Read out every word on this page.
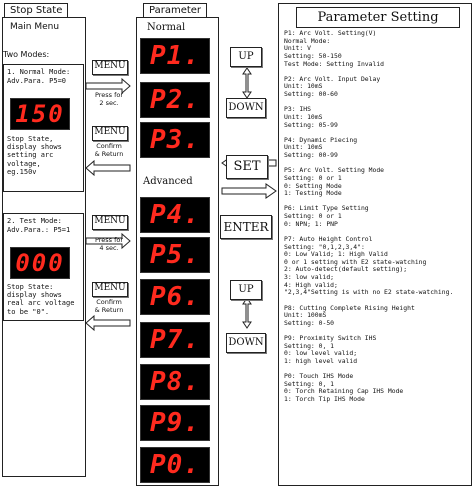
Stop State
Main Menu
Two Modes:
1. Normal Mode:
Adv.Para. P5=0
150
Stop State,
display shows
setting arc
voltage,
eg.150v
2. Test Mode:
Adv.Para.: P5=1
000
Stop State:
display shows
real arc voltage
to be "0".
MENU
Press for
2 sec.
MENU
Confirm
& Return
MENU
Press for
4 sec.
MENU
Confirm
& Return
Parameter
Normal
Advanced
P1.
P2.
P3.
P4.
P5.
P6.
P7.
P8.
P9.
P0.
UP
DOWN
SET
ENTER
UP
DOWN
Parameter Setting
P1: Arc Volt. Setting(V)
Normal Mode:
Unit: V
Setting: 50-150
Test Mode: Setting Invalid

P2: Arc Volt. Input Delay
Unit: 10mS
Setting: 00-60

P3: IHS
Unit: 10mS
Setting: 05-99

P4: Dynamic Piecing
Unit: 10mS
Setting: 00-99

P5: Arc Volt. Setting Mode
Setting: 0 or 1
0: Setting Mode
1: Testing Mode

P6: Limit Type Setting
Setting: 0 or 1
0: NPN; 1: PNP

P7: Auto Height Control
Setting: "0,1,2,3,4":
0: Low Valid; 1: High Valid
0 or 1 setting with E2 state-watching
2: Auto-detect(default setting);
3: low valid;
4: High valid;
"2,3,4"Setting is with no E2 state-watching.

P8: Cutting Complete Rising Height
Unit: 100mS
Setting: 0-50

P9: Proximity Switch IHS
Setting: 0, 1
0: low level valid;
1: high level valid

P0: Touch IHS Mode
Setting: 0, 1
0: Torch Retaining Cap IHS Mode
1: Torch Tip IHS Mode
